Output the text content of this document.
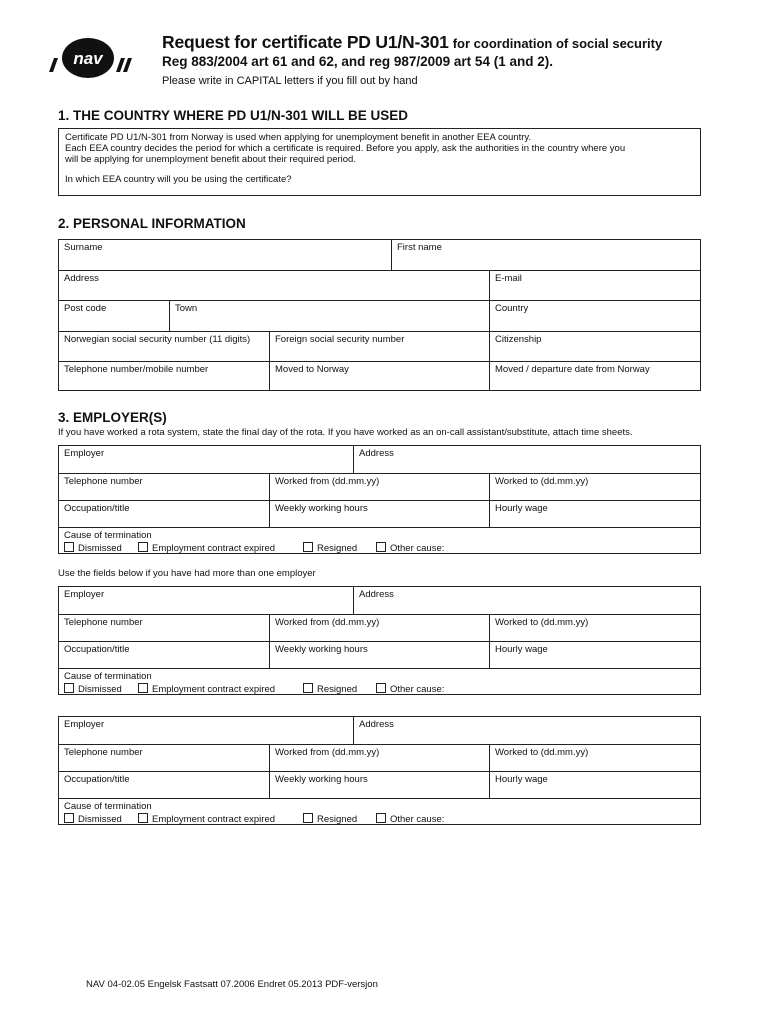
nav
Request for certificate PD U1/N-301 for coordination of social security
Reg 883/2004 art 61 and 62, and reg 987/2009 art 54 (1 and 2).
Please write in CAPITAL letters if you fill out by hand
1. THE COUNTRY WHERE PD U1/N-301 WILL BE USED
Certificate PD U1/N-301 from Norway is used when applying for unemployment benefit in another EEA country.
Each EEA country decides the period for which a certificate is required. Before you apply, ask the authorities in the country where you
will be applying for unemployment benefit about their required period.
In which EEA country will you be using the certificate?
2. PERSONAL INFORMATION
Surname	First name
Address	E-mail
Post code	Town	Country
Norwegian social security number (11 digits)	Foreign social security number	Citizenship
Telephone number/mobile number	Moved to Norway	Moved / departure date from Norway
3. EMPLOYER(S)
If you have worked a rota system, state the final day of the rota. If you have worked as an on-call assistant/substitute, attach time sheets.
Employer	Address
Telephone number	Worked from (dd.mm.yy)	Worked to (dd.mm.yy)
Occupation/title	Weekly working hours	Hourly wage
Cause of termination
Dismissed	Employment contract expired	Resigned	Other cause:
Use the fields below if you have had more than one employer
Employer	Address
Telephone number	Worked from (dd.mm.yy)	Worked to (dd.mm.yy)
Occupation/title	Weekly working hours	Hourly wage
Cause of termination
Dismissed	Employment contract expired	Resigned	Other cause:
Employer	Address
Telephone number	Worked from (dd.mm.yy)	Worked to (dd.mm.yy)
Occupation/title	Weekly working hours	Hourly wage
Cause of termination
Dismissed	Employment contract expired	Resigned	Other cause:
NAV 04-02.05 Engelsk Fastsatt 07.2006 Endret 05.2013 PDF-versjon
